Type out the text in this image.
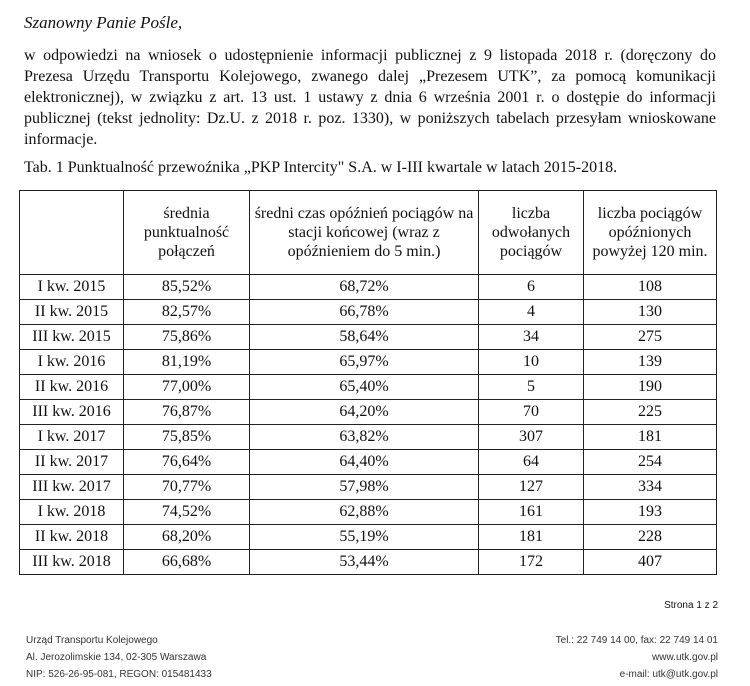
Szanowny Panie Pośle,
w odpowiedzi na wniosek o udostępnienie informacji publicznej z 9 listopada 2018 r. (doręczony do Prezesa Urzędu Transportu Kolejowego, zwanego dalej „Prezesem UTK”, za pomocą komunikacji elektronicznej), w związku z art. 13 ust. 1 ustawy z dnia 6 września 2001 r. o dostępie do informacji publicznej (tekst jednolity: Dz.U. z 2018 r. poz. 1330), w poniższych tabelach przesyłam wnioskowane informacje.
Tab. 1 Punktualność przewoźnika „PKP Intercity" S.A. w I-III kwartale w latach 2015-2018.
	średnia punktualność połączeń	średni czas opóźnień pociągów na stacji końcowej (wraz z opóźnieniem do 5 min.)	liczba odwołanych pociągów	liczba pociągów opóźnionych powyżej 120 min.
I kw. 2015	85,52%	68,72%	6	108
II kw. 2015	82,57%	66,78%	4	130
III kw. 2015	75,86%	58,64%	34	275
I kw. 2016	81,19%	65,97%	10	139
II kw. 2016	77,00%	65,40%	5	190
III kw. 2016	76,87%	64,20%	70	225
I kw. 2017	75,85%	63,82%	307	181
II kw. 2017	76,64%	64,40%	64	254
III kw. 2017	70,77%	57,98%	127	334
I kw. 2018	74,52%	62,88%	161	193
II kw. 2018	68,20%	55,19%	181	228
III kw. 2018	66,68%	53,44%	172	407
Strona 1 z 2
Urząd Transportu Kolejowego
Al. Jerozolimskie 134, 02-305 Warszawa
NIP: 526-26-95-081, REGON: 015481433
Tel.: 22 749 14 00, fax: 22 749 14 01
www.utk.gov.pl
e-mail: utk@utk.gov.pl
